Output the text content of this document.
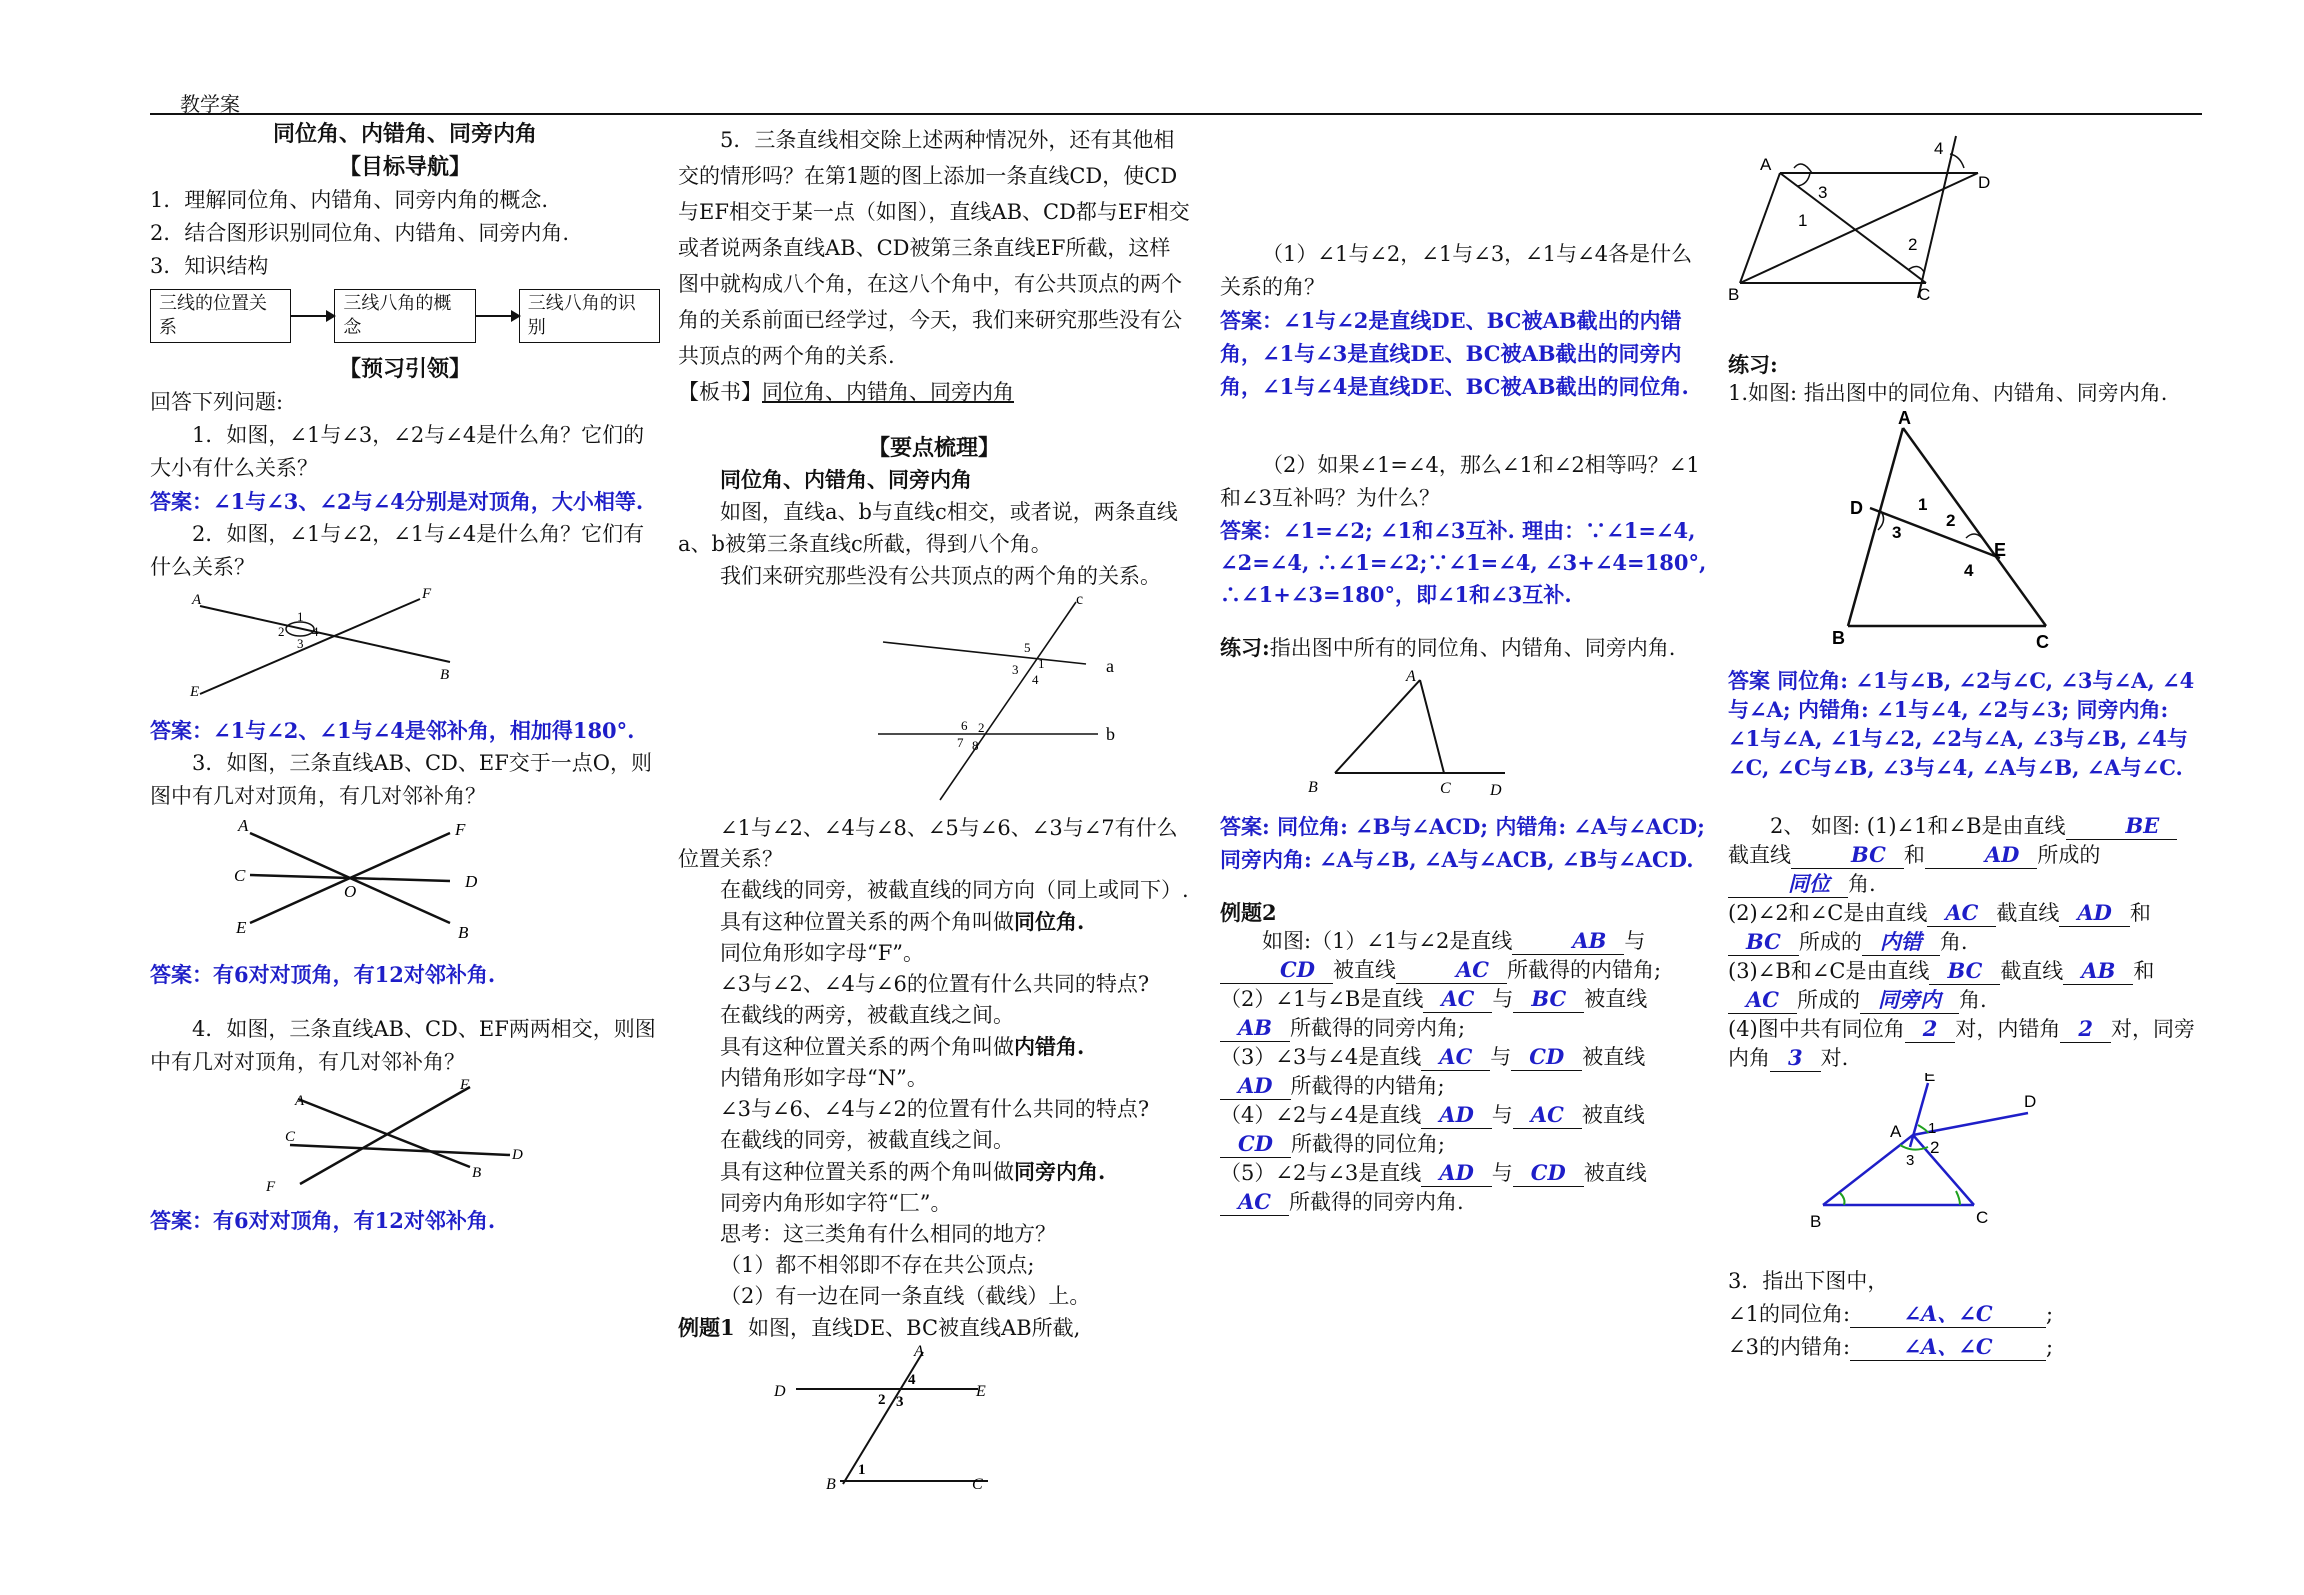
教学案

同位角、内错角、同旁内角

【目标导航】

1．理解同位角、内错角、同旁内角的概念.

2．结合图形识别同位角、内错角、同旁内角.

3．知识结构

三线的位置关系
三线八角的概念
三线八角的识别

【预习引领】

回答下列问题:

1．如图，∠1与∠3，∠2与∠4是什么角？它们的大小有什么关系？

答案：∠1与∠3、∠2与∠4分别是对顶角，大小相等.

2．如图，∠1与∠2，∠1与∠4是什么角？它们有什么关系？

A	F
E
B
1
2 4
3

答案：∠1与∠2、∠1与∠4是邻补角，相加得180°.

3．如图，三条直线AB、CD、EF交于一点O，则图中有几对对顶角，有几对邻补角？

A	F
C	D
E	B
O

答案：有6对对顶角，有12对邻补角.

4．如图，三条直线AB、CD、EF两两相交，则图中有几对对顶角，有几对邻补角？

A
F
C
D
F
B

答案：有6对对顶角，有12对邻补角.

5．三条直线相交除上述两种情况外，还有其他相交的情形吗？在第1题的图上添加一条直线CD，使CD与EF相交于某一点（如图），直线AB、CD都与EF相交或者说两条直线AB、CD被第三条直线EF所截，这样图中就构成八个角，在这八个角中，有公共顶点的两个角的关系前面已经学过，今天，我们来研究那些没有公共顶点的两个角的关系.

【板书】同位角、内错角、同旁内角

【要点梳理】

同位角、内错角、同旁内角

如图，直线a、b与直线c相交，或者说，两条直线a、b被第三条直线c所截，得到八个角。

我们来研究那些没有公共顶点的两个角的关系。

c
a
b
5
1
3
4
6 2
7 8

∠1与∠2、∠4与∠8、∠5与∠6、∠3与∠7有什么位置关系？

在截线的同旁，被截直线的同方向（同上或同下）.

具有这种位置关系的两个角叫做同位角.

同位角形如字母“F”。

∠3与∠2、∠4与∠6的位置有什么共同的特点?

在截线的两旁，被截直线之间。

具有这种位置关系的两个角叫做内错角.

内错角形如字母“N”。

∠3与∠6、∠4与∠2的位置有什么共同的特点?

在截线的同旁，被截直线之间。

具有这种位置关系的两个角叫做同旁内角.

同旁内角形如字符“匚”。

思考：这三类角有什么相同的地方？

（1）都不相邻即不存在共公顶点;

（2）有一边在同一条直线（截线）上。

例题1 如图，直线DE、BC被直线AB所截,

D	E
A
B	C
4
2 3
1

（1）∠1与∠2，∠1与∠3，∠1与∠4各是什么关系的角？

答案：∠1与∠2是直线DE、BC被AB截出的内错角，∠1与∠3是直线DE、BC被AB截出的同旁内角，∠1与∠4是直线DE、BC被AB截出的同位角.

（2）如果∠1=∠4，那么∠1和∠2相等吗？∠1和∠3互补吗？为什么？

答案：∠1=∠2; ∠1和∠3互补. 理由：∵∠1=∠4, ∠2=∠4, ∴∠1=∠2;∵∠1=∠4, ∠3+∠4=180°, ∴∠1+∠3=180°，即∠1和∠3互补.

练习:指出图中所有的同位角、内错角、同旁内角.

A
B	C D

答案: 同位角: ∠B与∠ACD; 内错角: ∠A与∠ACD; 同旁内角: ∠A与∠B, ∠A与∠ACB, ∠B与∠ACD.

例题2

如图:（1）∠1与∠2是直线	AB 与CD 被直线	AC 所截得的内错角;

（2）∠1与∠B是直线 AC 与 BC 被直线AB 所截得的同旁内角;

（3）∠3与∠4是直线 AC 与 CD 被直线AD 所截得的内错角;

（4）∠2与∠4是直线 AD 与 AC 被直线CD 所截得的同位角;

（5）∠2与∠3是直线 AD 与 CD 被直线AC 所截得的同旁内角.

A
D
B	C
4
3
1
2

练习:

1.如图: 指出图中的同位角、内错角、同旁内角.

A
D
E
B	C
1
2
3
4

答案 同位角: ∠1与∠B, ∠2与∠C, ∠3与∠A, ∠4与∠A; 内错角: ∠1与∠4, ∠2与∠3; 同旁内角: ∠1与∠A, ∠1与∠2, ∠2与∠A, ∠3与∠B, ∠4与∠C, ∠C与∠B, ∠3与∠4, ∠A与∠B, ∠A与∠C.

2、 如图: (1)∠1和∠B是由直线	BE截直线	BC 和	AD 所成的同位 角.

(2)∠2和∠C是由直线 AC 截直线 AD 和BC 所成的 内错 角.

(3)∠B和∠C是由直线 BC 截直线 AB 和AC 所成的 同旁内 角.

(4)图中共有同位角 2 对，内错角 2 对，同旁内角 3 对.

E
D
A 1
2
3
B	C

3．指出下图中，

∠1的同位角:	∠A、∠C	;

∠3的内错角:	∠A、∠C	;
